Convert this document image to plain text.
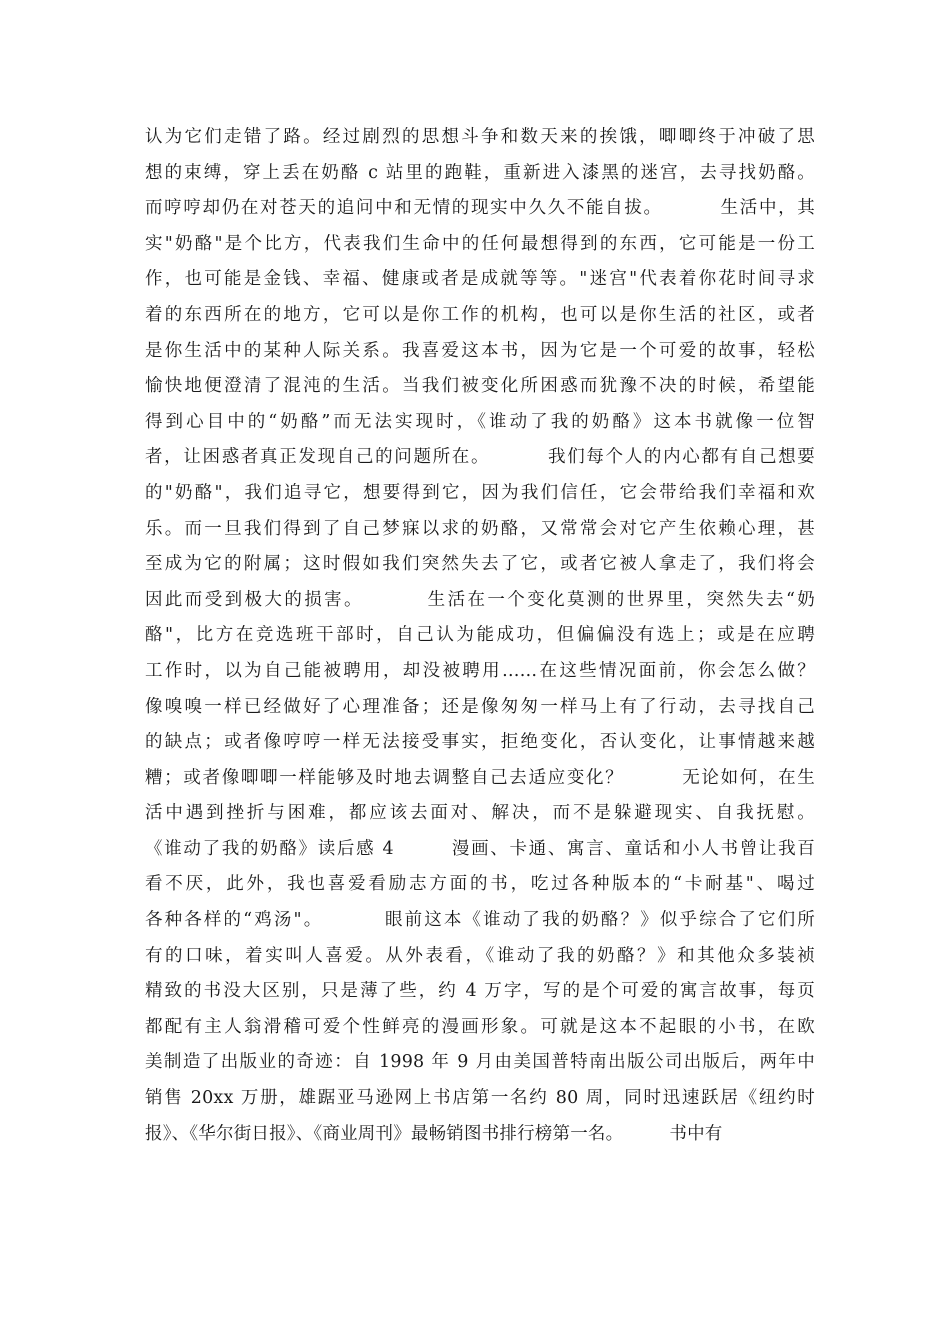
认为它们走错了路。经过剧烈的思想斗争和数天来的挨饿，唧唧终于冲破了思
想的束缚，穿上丢在奶酪 c 站里的跑鞋，重新进入漆黑的迷宫，去寻找奶酪。
而哼哼却仍在对苍天的追问中和无情的现实中久久不能自拔。        生活中，其
实"奶酪"是个比方，代表我们生命中的任何最想得到的东西，它可能是一份工
作，也可能是金钱、幸福、健康或者是成就等等。"迷宫"代表着你花时间寻求
着的东西所在的地方，它可以是你工作的机构，也可以是你生活的社区，或者
是你生活中的某种人际关系。我喜爱这本书，因为它是一个可爱的故事，轻松
愉快地便澄清了混沌的生活。当我们被变化所困惑而犹豫不决的时候，希望能
得到心目中的“奶酪”而无法实现时，《谁动了我的奶酪》这本书就像一位智
者，让困惑者真正发现自己的问题所在。        我们每个人的内心都有自己想要
的"奶酪"，我们追寻它，想要得到它，因为我们信任，它会带给我们幸福和欢
乐。而一旦我们得到了自己梦寐以求的奶酪，又常常会对它产生依赖心理，甚
至成为它的附属；这时假如我们突然失去了它，或者它被人拿走了，我们将会
因此而受到极大的损害。        生活在一个变化莫测的世界里，突然失去“奶
酪"，比方在竞选班干部时，自己认为能成功，但偏偏没有选上；或是在应聘
工作时，以为自己能被聘用，却没被聘用……在这些情况面前，你会怎么做？
像嗅嗅一样已经做好了心理准备；还是像匆匆一样马上有了行动，去寻找自己
的缺点；或者像哼哼一样无法接受事实，拒绝变化，否认变化，让事情越来越
糟；或者像唧唧一样能够及时地去调整自己去适应变化？        无论如何，在生
活中遇到挫折与困难，都应该去面对、解决，而不是躲避现实、自我抚慰。
《谁动了我的奶酪》读后感 4        漫画、卡通、寓言、童话和小人书曾让我百
看不厌，此外，我也喜爱看励志方面的书，吃过各种版本的“卡耐基"、喝过
各种各样的“鸡汤"。        眼前这本《谁动了我的奶酪？》似乎综合了它们所
有的口味，着实叫人喜爱。从外表看，《谁动了我的奶酪？》和其他众多装祯
精致的书没大区别，只是薄了些，约 4 万字，写的是个可爱的寓言故事，每页
都配有主人翁滑稽可爱个性鲜亮的漫画形象。可就是这本不起眼的小书，在欧
美制造了出版业的奇迹：自 1998 年 9 月由美国普特南出版公司出版后，两年中
销售 20xx 万册，雄踞亚马逊网上书店第一名约 80 周，同时迅速跃居《纽约时
报》、《华尔街日报》、《商业周刊》最畅销图书排行榜第一名。        书中有
